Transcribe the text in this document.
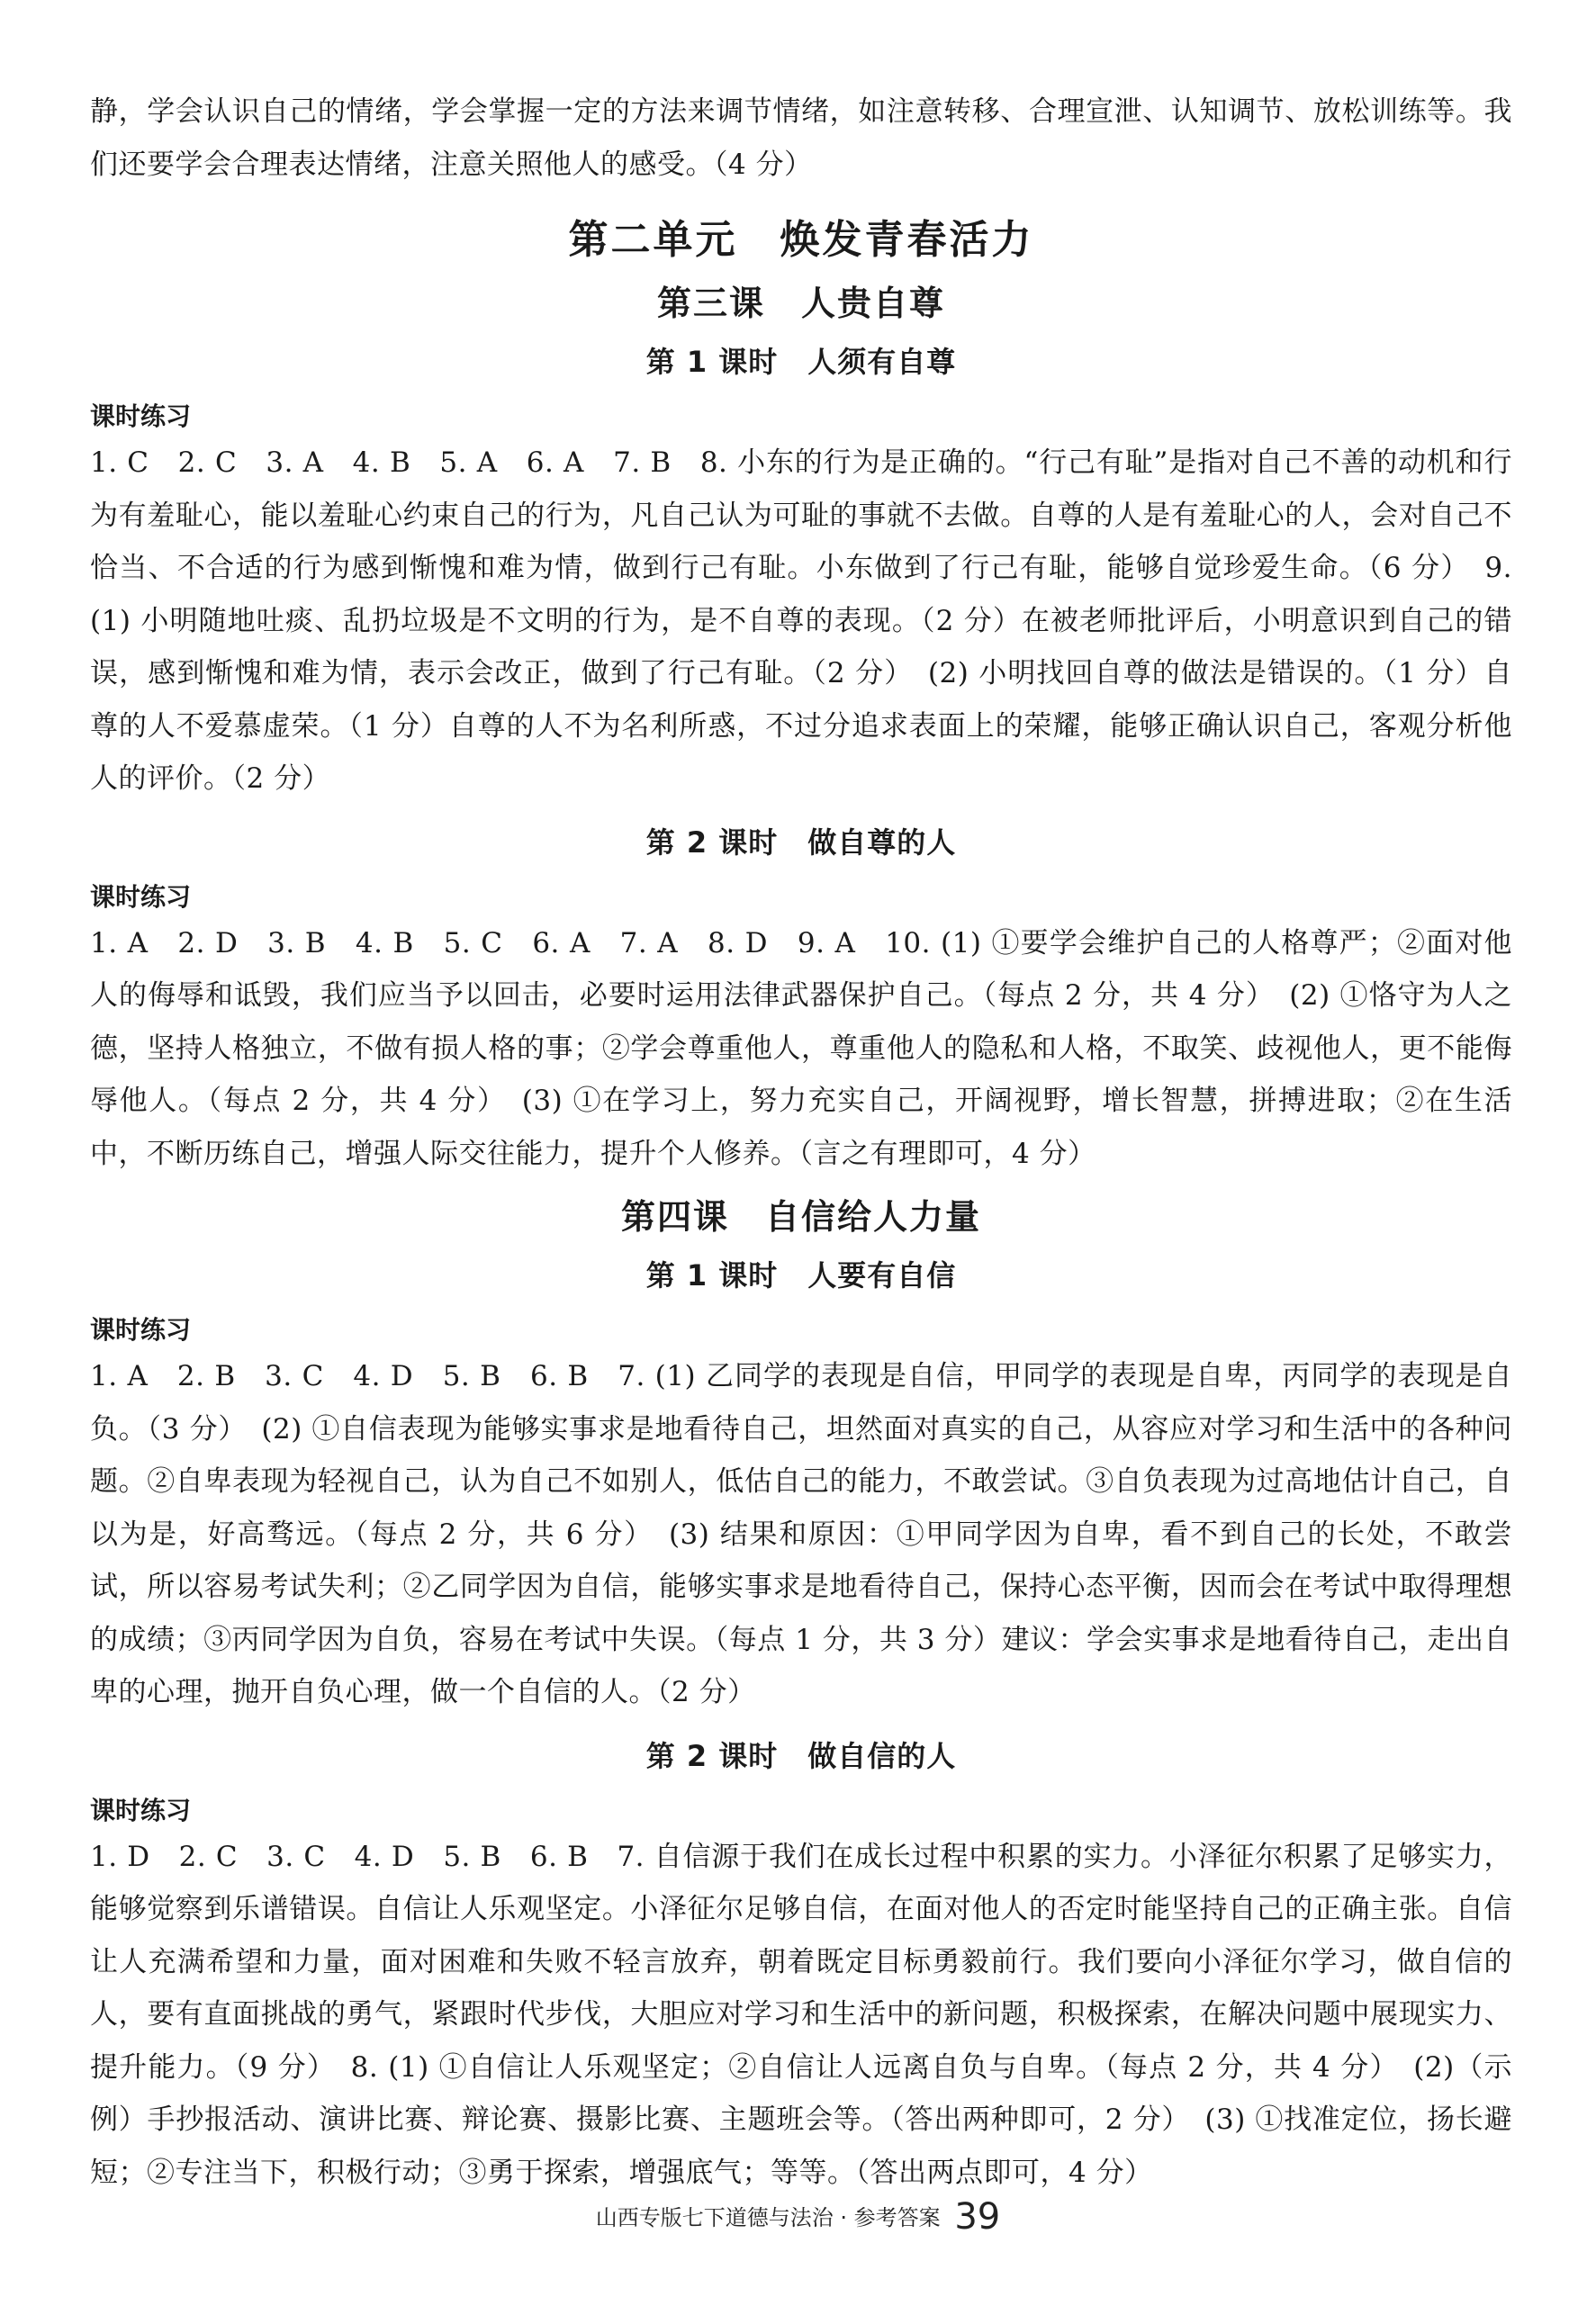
静，学会认识自己的情绪，学会掌握一定的方法来调节情绪，如注意转移、合理宣泄、认知调节、放松训练等。我们还要学会合理表达情绪，注意关照他人的感受。（4 分）

第二单元　焕发青春活力
第三课　人贵自尊
第 1 课时　人须有自尊
课时练习

1. C　2. C　3. A　4. B　5. A　6. A　7. B　8. 小东的行为是正确的。“行己有耻”是指对自己不善的动机和行为有羞耻心，能以羞耻心约束自己的行为，凡自己认为可耻的事就不去做。自尊的人是有羞耻心的人，会对自己不恰当、不合适的行为感到惭愧和难为情，做到行己有耻。小东做到了行己有耻，能够自觉珍爱生命。（6 分）　9. (1) 小明随地吐痰、乱扔垃圾是不文明的行为，是不自尊的表现。（2 分）在被老师批评后，小明意识到自己的错误，感到惭愧和难为情，表示会改正，做到了行己有耻。（2 分）　(2) 小明找回自尊的做法是错误的。（1 分）自尊的人不爱慕虚荣。（1 分）自尊的人不为名利所惑，不过分追求表面上的荣耀，能够正确认识自己，客观分析他人的评价。（2 分）

第 2 课时　做自尊的人
课时练习

1. A　2. D　3. B　4. B　5. C　6. A　7. A　8. D　9. A　10. (1) ①要学会维护自己的人格尊严；②面对他人的侮辱和诋毁，我们应当予以回击，必要时运用法律武器保护自己。（每点 2 分，共 4 分）　(2) ①恪守为人之德，坚持人格独立，不做有损人格的事；②学会尊重他人，尊重他人的隐私和人格，不取笑、歧视他人，更不能侮辱他人。（每点 2 分，共 4 分）　(3) ①在学习上，努力充实自己，开阔视野，增长智慧，拼搏进取；②在生活中，不断历练自己，增强人际交往能力，提升个人修养。（言之有理即可，4 分）

第四课　自信给人力量
第 1 课时　人要有自信
课时练习

1. A　2. B　3. C　4. D　5. B　6. B　7. (1) 乙同学的表现是自信，甲同学的表现是自卑，丙同学的表现是自负。（3 分）　(2) ①自信表现为能够实事求是地看待自己，坦然面对真实的自己，从容应对学习和生活中的各种问题。②自卑表现为轻视自己，认为自己不如别人，低估自己的能力，不敢尝试。③自负表现为过高地估计自己，自以为是，好高骛远。（每点 2 分，共 6 分）　(3) 结果和原因：①甲同学因为自卑，看不到自己的长处，不敢尝试，所以容易考试失利；②乙同学因为自信，能够实事求是地看待自己，保持心态平衡，因而会在考试中取得理想的成绩；③丙同学因为自负，容易在考试中失误。（每点 1 分，共 3 分）建议：学会实事求是地看待自己，走出自卑的心理，抛开自负心理，做一个自信的人。（2 分）

第 2 课时　做自信的人
课时练习

1. D　2. C　3. C　4. D　5. B　6. B　7. 自信源于我们在成长过程中积累的实力。小泽征尔积累了足够实力，能够觉察到乐谱错误。自信让人乐观坚定。小泽征尔足够自信，在面对他人的否定时能坚持自己的正确主张。自信让人充满希望和力量，面对困难和失败不轻言放弃，朝着既定目标勇毅前行。我们要向小泽征尔学习，做自信的人，要有直面挑战的勇气，紧跟时代步伐，大胆应对学习和生活中的新问题，积极探索，在解决问题中展现实力、提升能力。（9 分）　8. (1) ①自信让人乐观坚定；②自信让人远离自负与自卑。（每点 2 分，共 4 分）　(2)（示例）手抄报活动、演讲比赛、辩论赛、摄影比赛、主题班会等。（答出两种即可，2 分）　(3) ①找准定位，扬长避短；②专注当下，积极行动；③勇于探索，增强底气；等等。（答出两点即可，4 分）

山西专版七下道德与法治 · 参考答案 39
